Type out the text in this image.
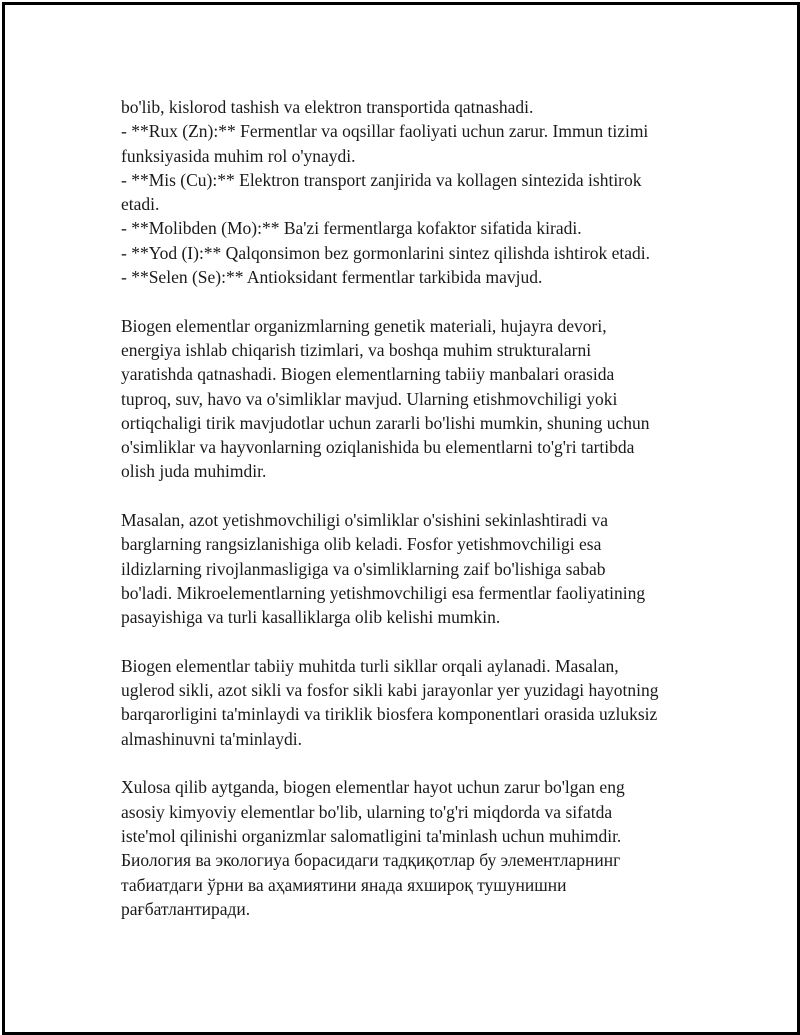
bo'lib, kislorod tashish va elektron transportida qatnashadi.
- **Rux (Zn):** Fermentlar va oqsillar faoliyati uchun zarur. Immun tizimi
funksiyasida muhim rol o'ynaydi.
- **Mis (Cu):** Elektron transport zanjirida va kollagen sintezida ishtirok
etadi.
- **Molibden (Mo):** Ba'zi fermentlarga kofaktor sifatida kiradi.
- **Yod (I):** Qalqonsimon bez gormonlarini sintez qilishda ishtirok etadi.
- **Selen (Se):** Antioksidant fermentlar tarkibida mavjud.
Biogen elementlar organizmlarning genetik materiali, hujayra devori,
energiya ishlab chiqarish tizimlari, va boshqa muhim strukturalarni
yaratishda qatnashadi. Biogen elementlarning tabiiy manbalari orasida
tuproq, suv, havo va o'simliklar mavjud. Ularning etishmovchiligi yoki
ortiqchaligi tirik mavjudotlar uchun zararli bo'lishi mumkin, shuning uchun
o'simliklar va hayvonlarning oziqlanishida bu elementlarni to'g'ri tartibda
olish juda muhimdir.
Masalan, azot yetishmovchiligi o'simliklar o'sishini sekinlashtiradi va
barglarning rangsizlanishiga olib keladi. Fosfor yetishmovchiligi esa
ildizlarning rivojlanmasligiga va o'simliklarning zaif bo'lishiga sabab
bo'ladi. Mikroelementlarning yetishmovchiligi esa fermentlar faoliyatining
pasayishiga va turli kasalliklarga olib kelishi mumkin.
Biogen elementlar tabiiy muhitda turli sikllar orqali aylanadi. Masalan,
uglerod sikli, azot sikli va fosfor sikli kabi jarayonlar yer yuzidagi hayotning
barqarorligini ta'minlaydi va tiriklik biosfera komponentlari orasida uzluksiz
almashinuvni ta'minlaydi.
Xulosa qilib aytganda, biogen elementlar hayot uchun zarur bo'lgan eng
asosiy kimyoviy elementlar bo'lib, ularning to'g'ri miqdorda va sifatda
iste'mol qilinishi organizmlar salomatligini ta'minlash uchun muhimdir.
Биология ва экологиya борасидаги тадқиқотлар бу элементларнинг
табиатдаги ўрни ва аҳамиятини янада яхшироқ тушунишни
рағбатлантиради.
